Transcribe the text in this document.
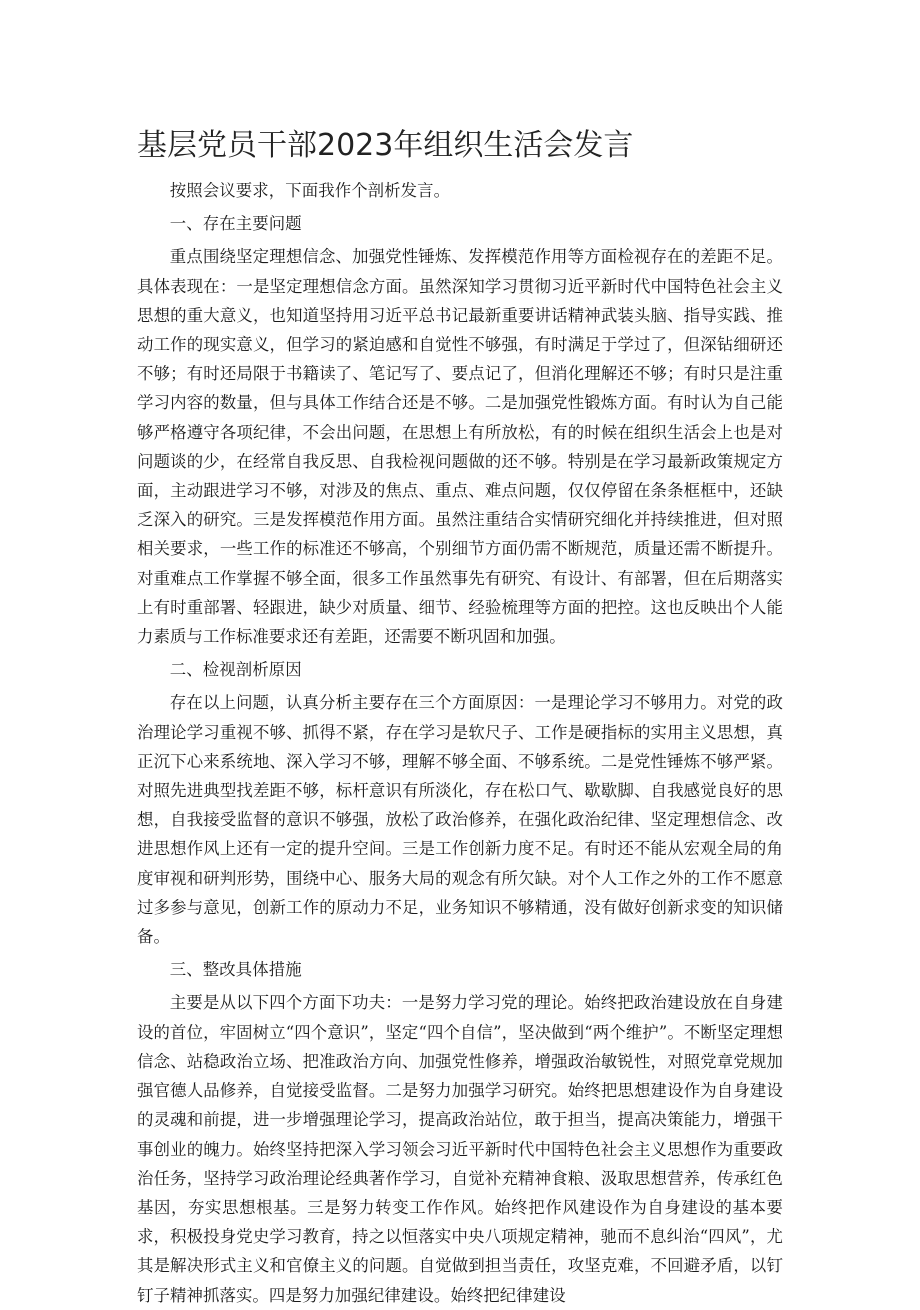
基层党员干部2023年组织生活会发言

按照会议要求，下面我作个剖析发言。

一、存在主要问题

重点围绕坚定理想信念、加强党性锤炼、发挥模范作用等方面检视存在的差距不足。具体表现在：一是坚定理想信念方面。虽然深知学习贯彻习近平新时代中国特色社会主义思想的重大意义，也知道坚持用习近平总书记最新重要讲话精神武装头脑、指导实践、推动工作的现实意义，但学习的紧迫感和自觉性不够强，有时满足于学过了，但深钻细研还不够；有时还局限于书籍读了、笔记写了、要点记了，但消化理解还不够；有时只是注重学习内容的数量，但与具体工作结合还是不够。二是加强党性锻炼方面。有时认为自己能够严格遵守各项纪律，不会出问题，在思想上有所放松，有的时候在组织生活会上也是对问题谈的少，在经常自我反思、自我检视问题做的还不够。特别是在学习最新政策规定方面，主动跟进学习不够，对涉及的焦点、重点、难点问题，仅仅停留在条条框框中，还缺乏深入的研究。三是发挥模范作用方面。虽然注重结合实情研究细化并持续推进，但对照相关要求，一些工作的标准还不够高，个别细节方面仍需不断规范，质量还需不断提升。对重难点工作掌握不够全面，很多工作虽然事先有研究、有设计、有部署，但在后期落实上有时重部署、轻跟进，缺少对质量、细节、经验梳理等方面的把控。这也反映出个人能力素质与工作标准要求还有差距，还需要不断巩固和加强。

二、检视剖析原因

存在以上问题，认真分析主要存在三个方面原因：一是理论学习不够用力。对党的政治理论学习重视不够、抓得不紧，存在学习是软尺子、工作是硬指标的实用主义思想，真正沉下心来系统地、深入学习不够，理解不够全面、不够系统。二是党性锤炼不够严紧。对照先进典型找差距不够，标杆意识有所淡化，存在松口气、歇歇脚、自我感觉良好的思想，自我接受监督的意识不够强，放松了政治修养，在强化政治纪律、坚定理想信念、改进思想作风上还有一定的提升空间。三是工作创新力度不足。有时还不能从宏观全局的角度审视和研判形势，围绕中心、服务大局的观念有所欠缺。对个人工作之外的工作不愿意过多参与意见，创新工作的原动力不足，业务知识不够精通，没有做好创新求变的知识储备。

三、整改具体措施

主要是从以下四个方面下功夫：一是努力学习党的理论。始终把政治建设放在自身建设的首位，牢固树立“四个意识”，坚定“四个自信”，坚决做到“两个维护”。不断坚定理想信念、站稳政治立场、把准政治方向、加强党性修养，增强政治敏锐性，对照党章党规加强官德人品修养，自觉接受监督。二是努力加强学习研究。始终把思想建设作为自身建设的灵魂和前提，进一步增强理论学习，提高政治站位，敢于担当，提高决策能力，增强干事创业的魄力。始终坚持把深入学习领会习近平新时代中国特色社会主义思想作为重要政治任务，坚持学习政治理论经典著作学习，自觉补充精神食粮、汲取思想营养，传承红色基因，夯实思想根基。三是努力转变工作作风。始终把作风建设作为自身建设的基本要求，积极投身党史学习教育，持之以恒落实中央八项规定精神，驰而不息纠治“四风”，尤其是解决形式主义和官僚主义的问题。自觉做到担当责任，攻坚克难，不回避矛盾，以钉钉子精神抓落实。四是努力加强纪律建设。始终把纪律建设
